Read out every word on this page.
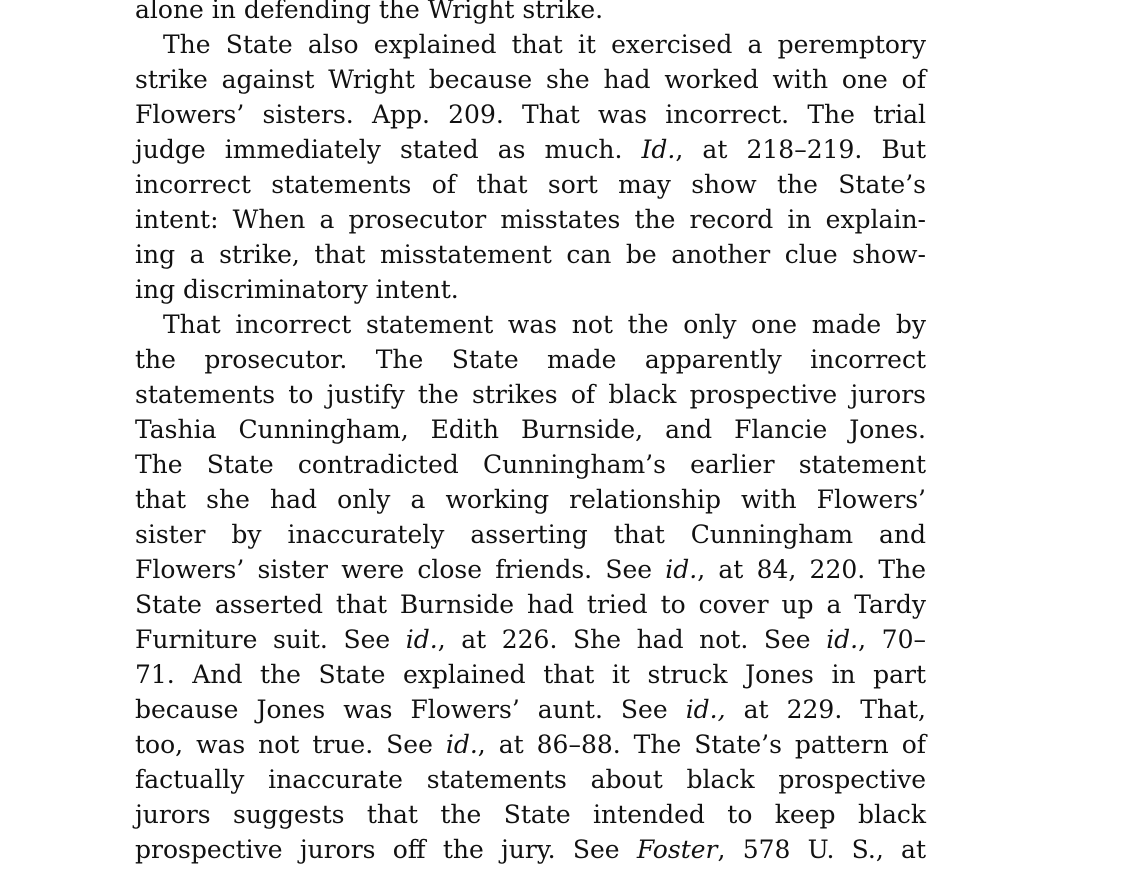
alone in defending the Wright strike.
The State also explained that it exercised a peremptory
strike against Wright because she had worked with one of
Flowers’ sisters. App. 209. That was incorrect. The trial
judge immediately stated as much. Id., at 218–219. But
incorrect statements of that sort may show the State’s
intent: When a prosecutor misstates the record in explain-
ing a strike, that misstatement can be another clue show-
ing discriminatory intent.
That incorrect statement was not the only one made by
the prosecutor. The State made apparently incorrect
statements to justify the strikes of black prospective jurors
Tashia Cunningham, Edith Burnside, and Flancie Jones.
The State contradicted Cunningham’s earlier statement
that she had only a working relationship with Flowers’
sister by inaccurately asserting that Cunningham and
Flowers’ sister were close friends. See id., at 84, 220. The
State asserted that Burnside had tried to cover up a Tardy
Furniture suit. See id., at 226. She had not. See id., 70–
71. And the State explained that it struck Jones in part
because Jones was Flowers’ aunt. See id., at 229. That,
too, was not true. See id., at 86–88. The State’s pattern of
factually inaccurate statements about black prospective
jurors suggests that the State intended to keep black
prospective jurors off the jury. See Foster, 578 U. S., at
